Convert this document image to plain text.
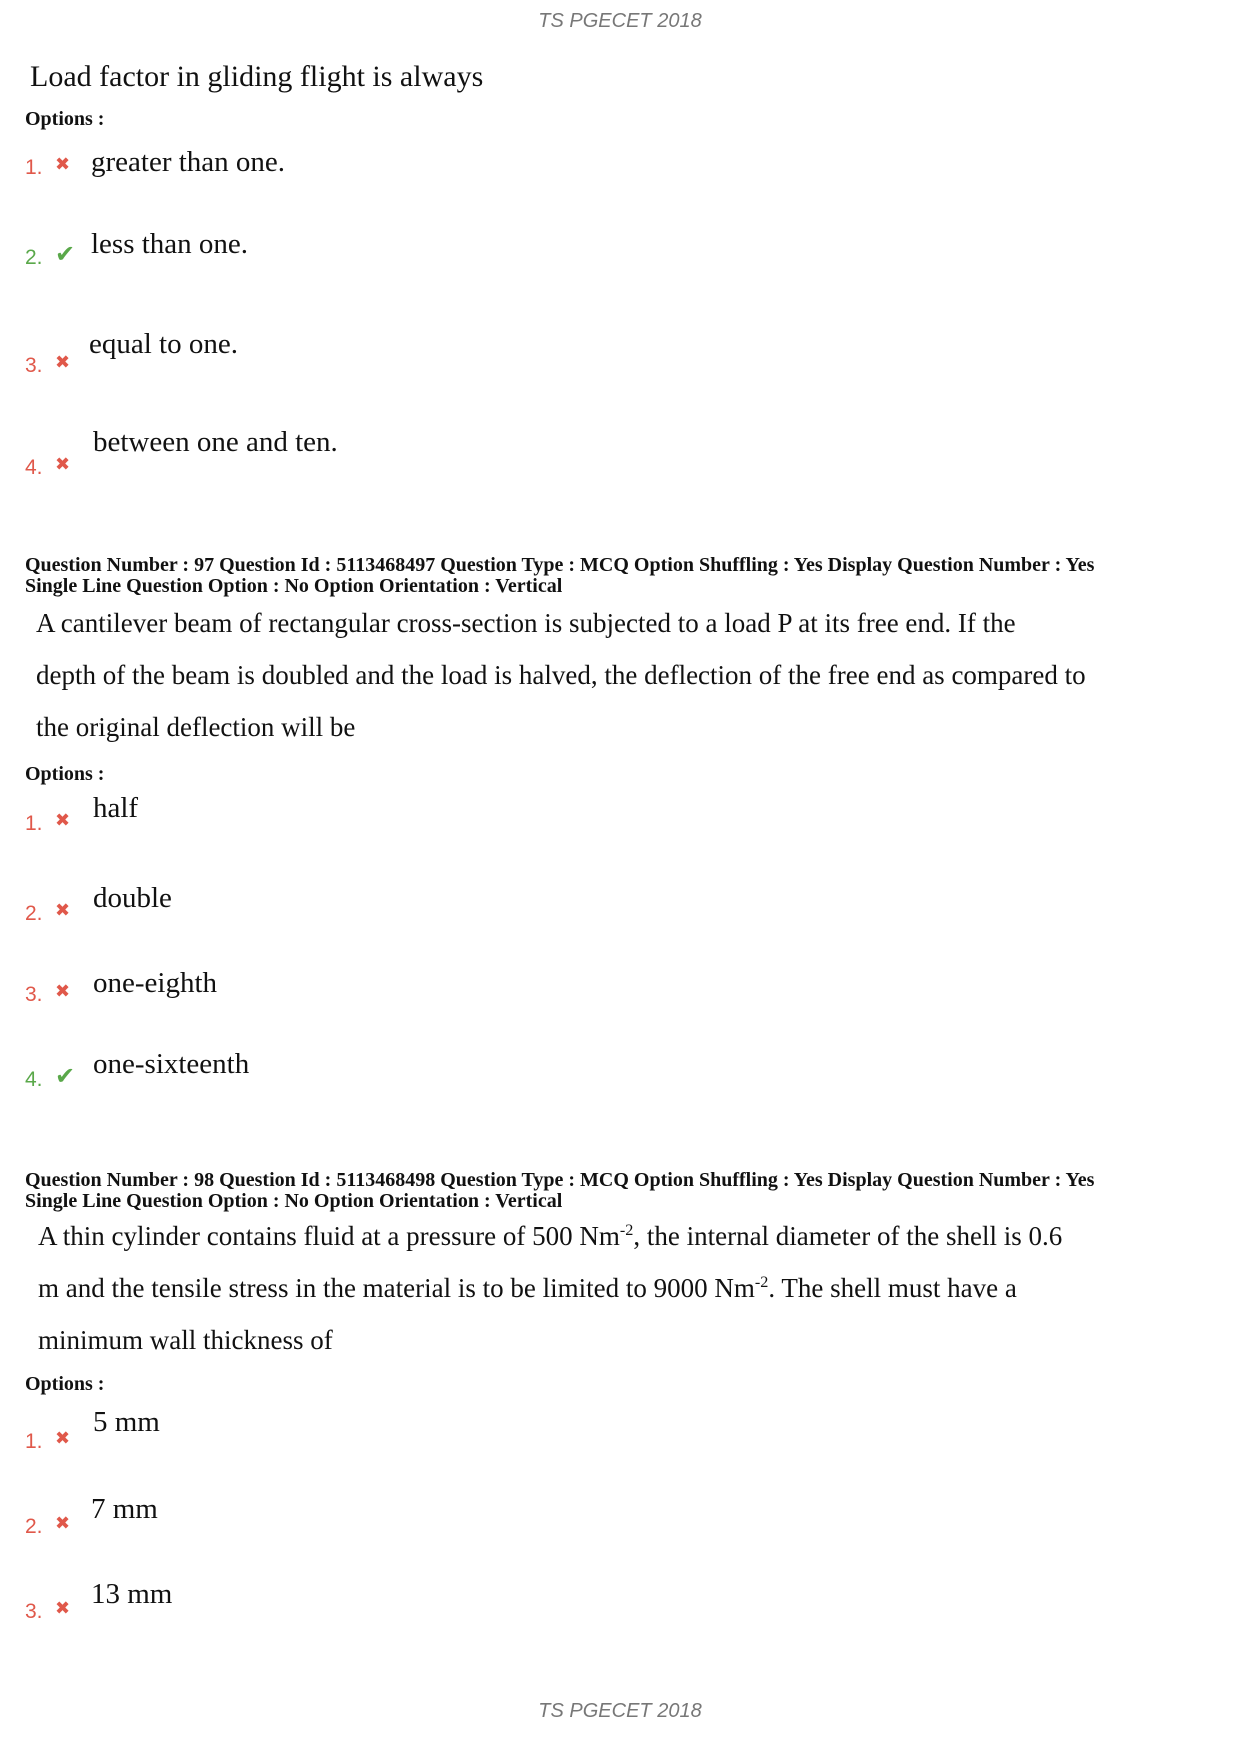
TS PGECET 2018
Load factor in gliding flight is always
Options :
1. ✖ greater than one.
2. ✔ less than one.
3. ✖
equal to one.
4. ✖
between one and ten.
Question Number : 97 Question Id : 5113468497 Question Type : MCQ Option Shuffling : Yes Display Question Number : Yes
Single Line Question Option : No Option Orientation : Vertical
A cantilever beam of rectangular cross-section is subjected to a load P at its free end. If the
depth of the beam is doubled and the load is halved, the deflection of the free end as compared to
the original deflection will be
Options :
1. ✖ half
2. ✖ double
3. ✖ one-eighth
4. ✔ one-sixteenth
Question Number : 98 Question Id : 5113468498 Question Type : MCQ Option Shuffling : Yes Display Question Number : Yes
Single Line Question Option : No Option Orientation : Vertical
A thin cylinder contains fluid at a pressure of 500 $Nm^{-2}$, the internal diameter of the shell is 0.6
m and the tensile stress in the material is to be limited to 9000 $Nm^{-2}$. The shell must have a
minimum wall thickness of
Options :
1. ✖
5 mm
2. ✖ 7 mm
3. ✖ 13 mm
TS PGECET 2018
